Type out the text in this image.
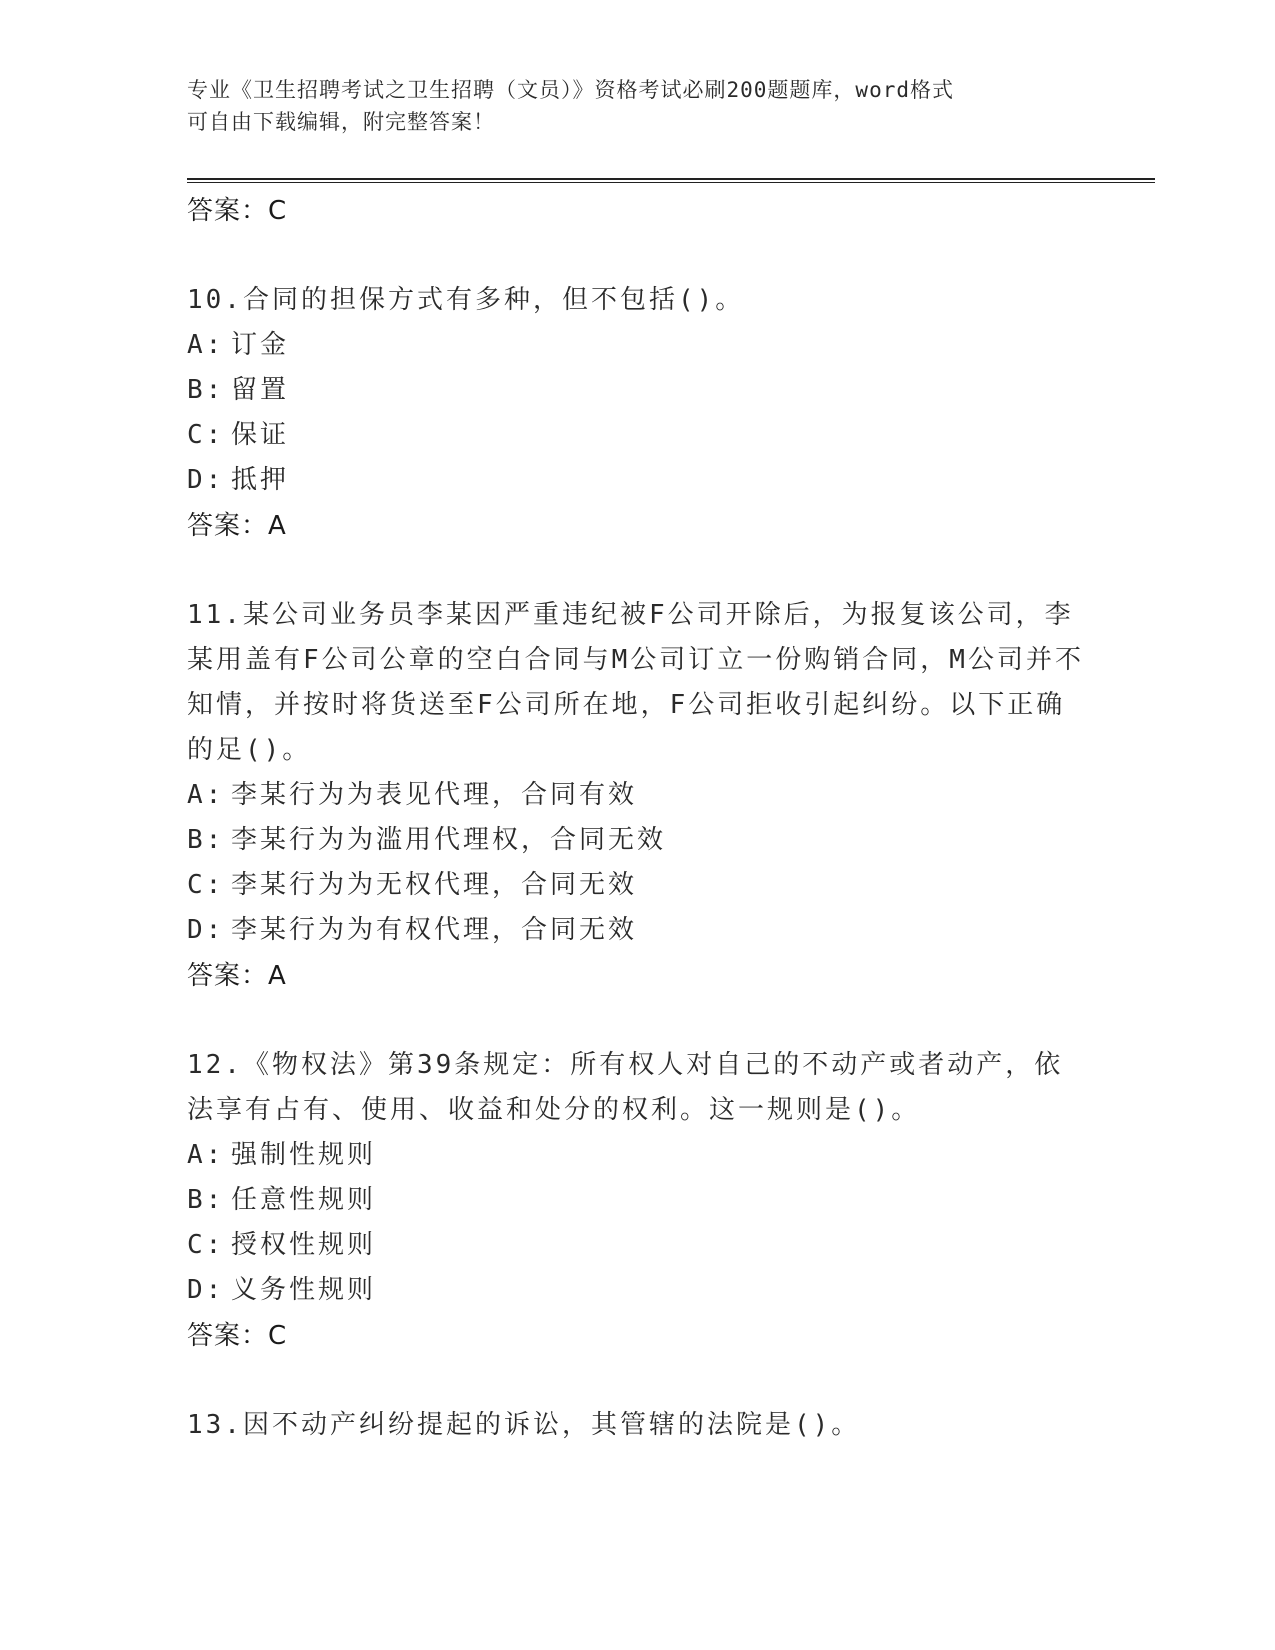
专业《卫生招聘考试之卫生招聘（文员）》资格考试必刷200题题库，word格式
可自由下载编辑，附完整答案！
答案：C
10.合同的担保方式有多种，但不包括()。
A: 订金
B: 留置
C: 保证
D: 抵押
答案：A
11.某公司业务员李某因严重违纪被F公司开除后，为报复该公司，李某用盖有F公司公章的空白合同与M公司订立一份购销合同，M公司并不知情，并按时将货送至F公司所在地，F公司拒收引起纠纷。以下正确的足()。
A: 李某行为为表见代理，合同有效
B: 李某行为为滥用代理权，合同无效
C: 李某行为为无权代理，合同无效
D: 李某行为为有权代理，合同无效
答案：A
12.《物权法》第39条规定：所有权人对自己的不动产或者动产，依法享有占有、使用、收益和处分的权利。这一规则是()。
A: 强制性规则
B: 任意性规则
C: 授权性规则
D: 义务性规则
答案：C
13.因不动产纠纷提起的诉讼，其管辖的法院是()。
